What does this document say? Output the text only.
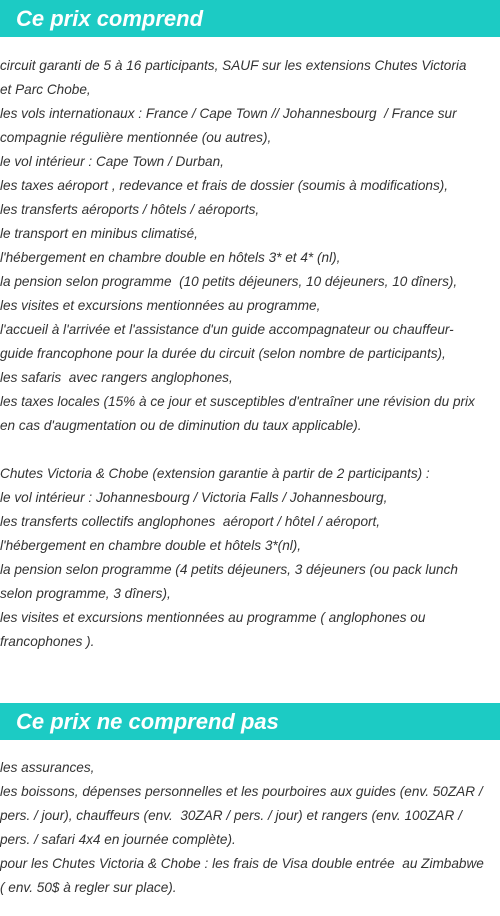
Ce prix comprend
circuit garanti de 5 à 16 participants, SAUF sur les extensions Chutes Victoria
et Parc Chobe,
les vols internationaux : France / Cape Town // Johannesbourg  / France sur
compagnie régulière mentionnée (ou autres),
le vol intérieur : Cape Town / Durban,
les taxes aéroport , redevance et frais de dossier (soumis à modifications),
les transferts aéroports / hôtels / aéroports,
le transport en minibus climatisé,
l'hébergement en chambre double en hôtels 3* et 4* (nl),
la pension selon programme  (10 petits déjeuners, 10 déjeuners, 10 dîners),
les visites et excursions mentionnées au programme,
l'accueil à l'arrivée et l'assistance d'un guide accompagnateur ou chauffeur-
guide francophone pour la durée du circuit (selon nombre de participants),
les safaris  avec rangers anglophones,
les taxes locales (15% à ce jour et susceptibles d'entraîner une révision du prix
en cas d'augmentation ou de diminution du taux applicable).
Chutes Victoria & Chobe (extension garantie à partir de 2 participants) :
le vol intérieur : Johannesbourg / Victoria Falls / Johannesbourg,
les transferts collectifs anglophones  aéroport / hôtel / aéroport,
l'hébergement en chambre double et hôtels 3*(nl),
la pension selon programme (4 petits déjeuners, 3 déjeuners (ou pack lunch
selon programme, 3 dîners),
les visites et excursions mentionnées au programme ( anglophones ou
francophones ).
Ce prix ne comprend pas
les assurances,
les boissons, dépenses personnelles et les pourboires aux guides (env. 50ZAR /
pers. / jour), chauffeurs (env.  30ZAR / pers. / jour) et rangers (env. 100ZAR /
pers. / safari 4x4 en journée complète).
pour les Chutes Victoria & Chobe : les frais de Visa double entrée  au Zimbabwe
( env. 50$ à regler sur place).
